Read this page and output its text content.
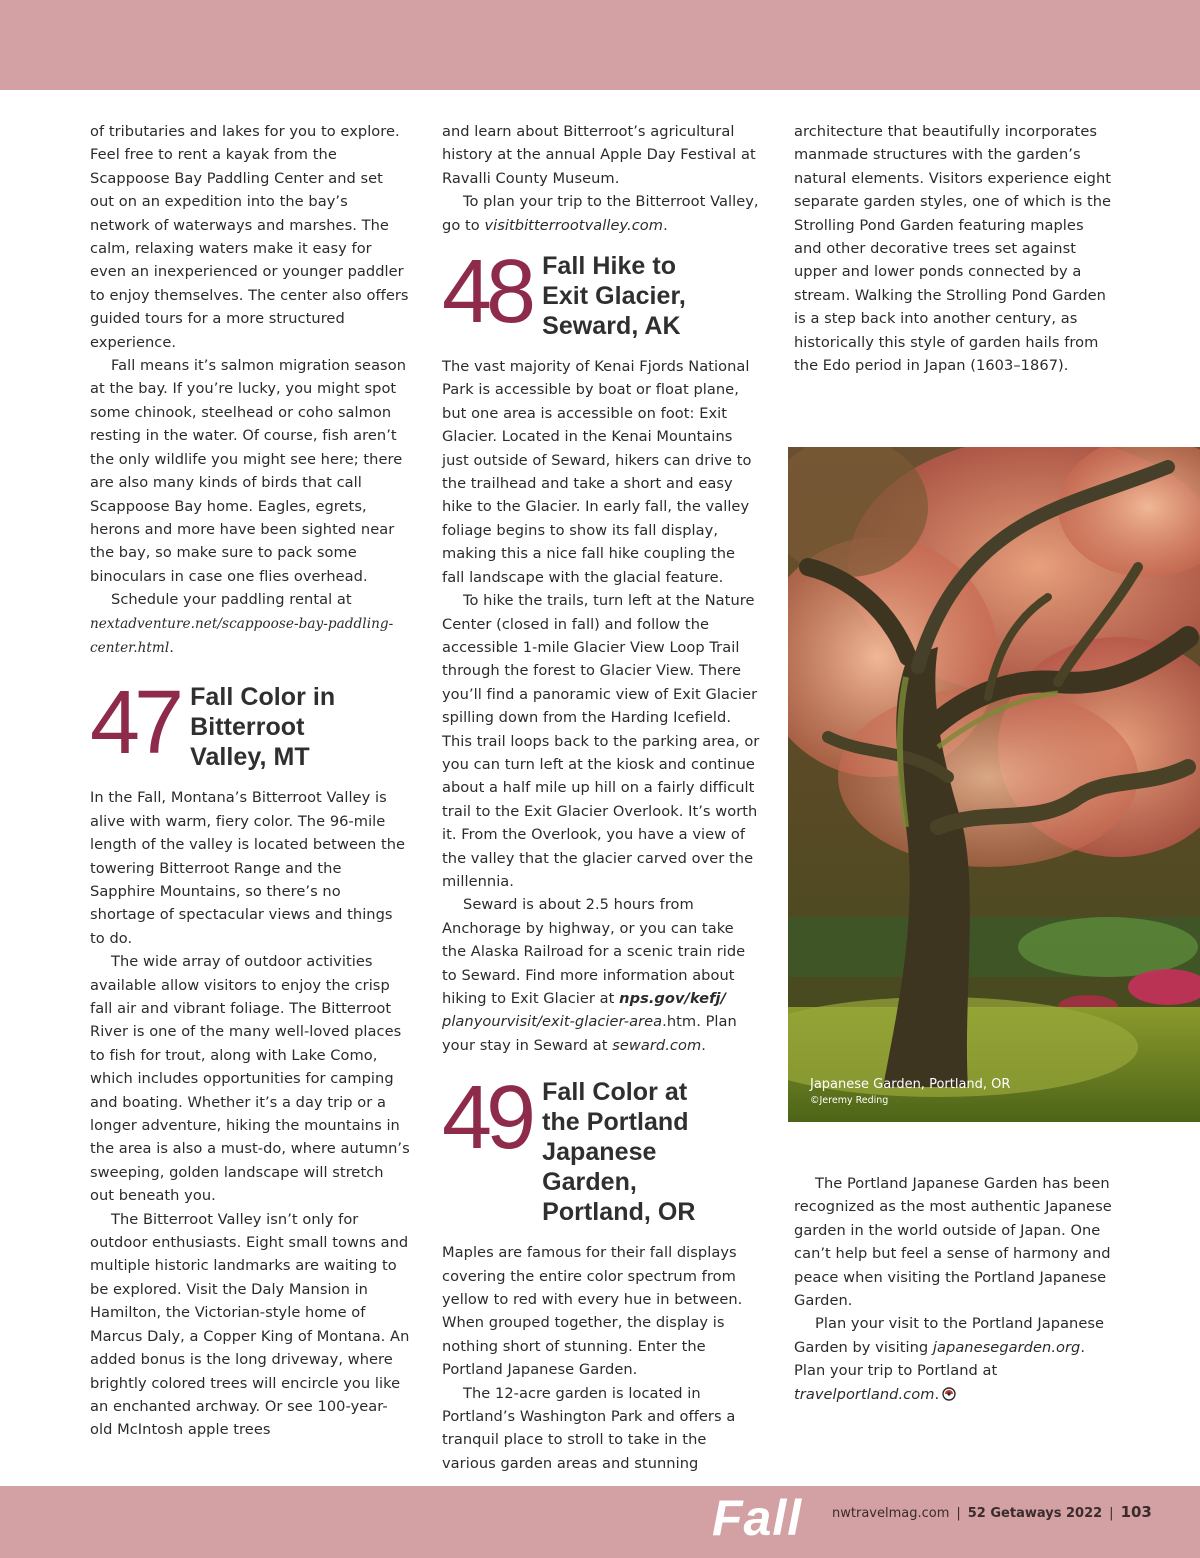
of tributaries and lakes for you to explore. Feel free to rent a kayak from the Scappoose Bay Paddling Center and set out on an expedition into the bay’s network of waterways and marshes. The calm, relaxing waters make it easy for even an inexperienced or younger paddler to enjoy themselves. The center also offers guided tours for a more structured experience.

Fall means it’s salmon migration season at the bay. If you’re lucky, you might spot some chinook, steelhead or coho salmon resting in the water. Of course, fish aren’t the only wildlife you might see here; there are also many kinds of birds that call Scappoose Bay home. Eagles, egrets, herons and more have been sighted near the bay, so make sure to pack some binoculars in case one flies overhead.

Schedule your paddling rental at nextadventure.net/scappoose-bay-paddling-center.html.

47 Fall Color in Bitterroot Valley, MT

In the Fall, Montana’s Bitterroot Valley is alive with warm, fiery color. The 96-mile length of the valley is located between the towering Bitterroot Range and the Sapphire Mountains, so there’s no shortage of spectacular views and things to do.

The wide array of outdoor activities available allow visitors to enjoy the crisp fall air and vibrant foliage. The Bitterroot River is one of the many well-loved places to fish for trout, along with Lake Como, which includes opportunities for camping and boating. Whether it’s a day trip or a longer adventure, hiking the mountains in the area is also a must-do, where autumn’s sweeping, golden landscape will stretch out beneath you.

The Bitterroot Valley isn’t only for outdoor enthusiasts. Eight small towns and multiple historic landmarks are waiting to be explored. Visit the Daly Mansion in Hamilton, the Victorian-style home of Marcus Daly, a Copper King of Montana. An added bonus is the long driveway, where brightly colored trees will encircle you like an enchanted archway. Or see 100-year-old McIntosh apple trees

and learn about Bitterroot’s agricultural history at the annual Apple Day Festival at Ravalli County Museum.

To plan your trip to the Bitterroot Valley, go to visitbitterrootvalley.com.

48 Fall Hike to Exit Glacier, Seward, AK

The vast majority of Kenai Fjords National Park is accessible by boat or float plane, but one area is accessible on foot: Exit Glacier. Located in the Kenai Mountains just outside of Seward, hikers can drive to the trailhead and take a short and easy hike to the Glacier. In early fall, the valley foliage begins to show its fall display, making this a nice fall hike coupling the fall landscape with the glacial feature.

To hike the trails, turn left at the Nature Center (closed in fall) and follow the accessible 1-mile Glacier View Loop Trail through the forest to Glacier View. There you’ll find a panoramic view of Exit Glacier spilling down from the Harding Icefield. This trail loops back to the parking area, or you can turn left at the kiosk and continue about a half mile up hill on a fairly difficult trail to the Exit Glacier Overlook. It’s worth it. From the Overlook, you have a view of the valley that the glacier carved over the millennia.

Seward is about 2.5 hours from Anchorage by highway, or you can take the Alaska Railroad for a scenic train ride to Seward. Find more information about hiking to Exit Glacier at nps.gov/kefj/ planyourvisit/exit-glacier-area.htm. Plan your stay in Seward at seward.com.

49 Fall Color at the Portland Japanese Garden, Portland, OR

Maples are famous for their fall displays covering the entire color spectrum from yellow to red with every hue in between. When grouped together, the display is nothing short of stunning. Enter the Portland Japanese Garden.

The 12-acre garden is located in Portland’s Washington Park and offers a tranquil place to stroll to take in the various garden areas and stunning

architecture that beautifully incorporates manmade structures with the garden’s natural elements. Visitors experience eight separate garden styles, one of which is the Strolling Pond Garden featuring maples and other decorative trees set against upper and lower ponds connected by a stream. Walking the Strolling Pond Garden is a step back into another century, as historically this style of garden hails from the Edo period in Japan (1603–1867).

Japanese Garden, Portland, OR
©Jeremy Reding

The Portland Japanese Garden has been recognized as the most authentic Japanese garden in the world outside of Japan. One can’t help but feel a sense of harmony and peace when visiting the Portland Japanese Garden.

Plan your visit to the Portland Japanese Garden by visiting japanesegarden.org. Plan your trip to Portland at travelportland.com.

Fall nwtravelmag.com | 52 Getaways 2022 | 103
